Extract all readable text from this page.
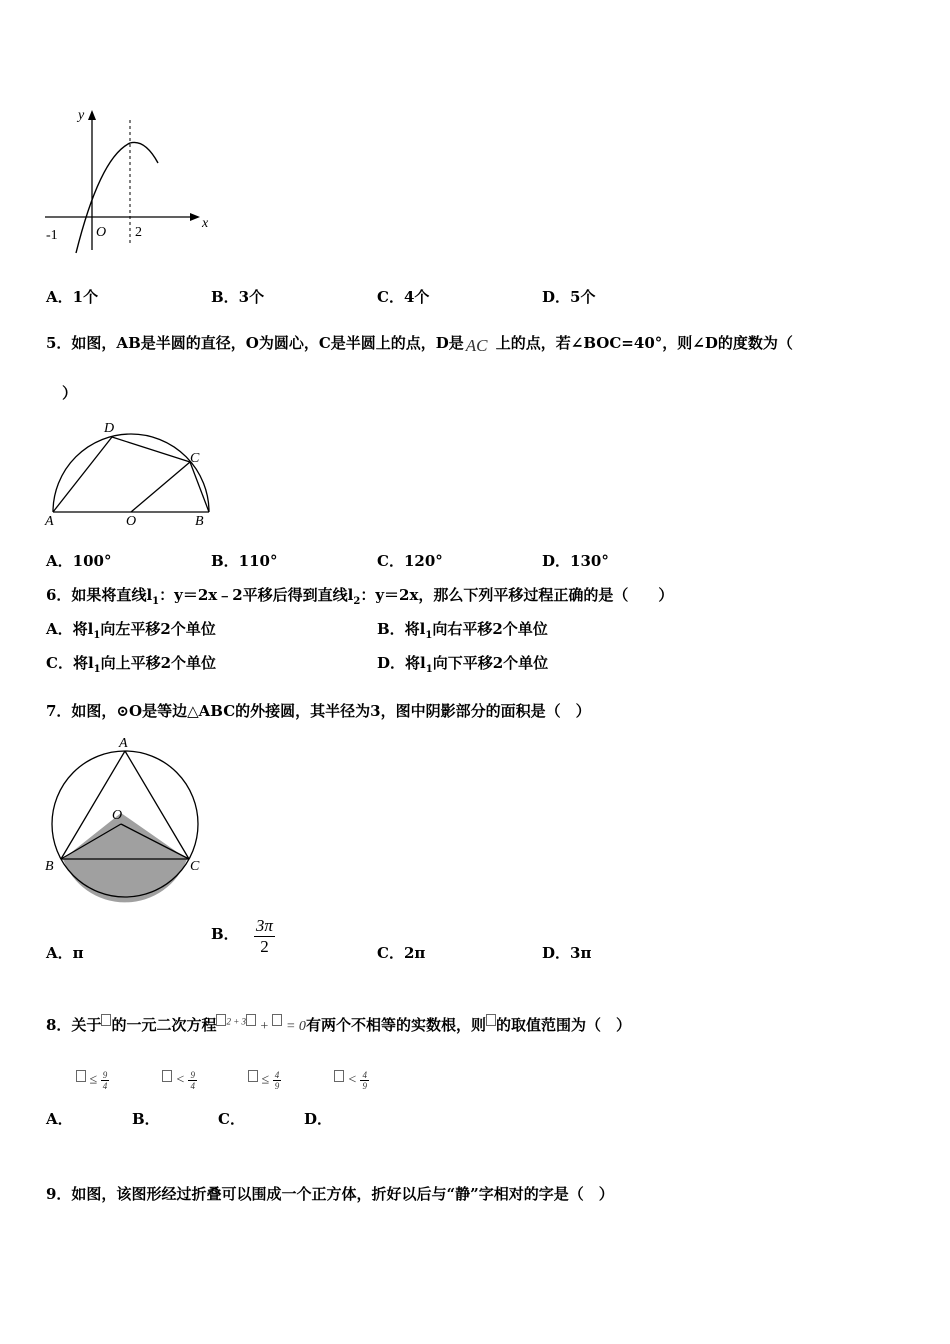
y
x
O
-1	2
A．1个	B．3个	C．4个	D．5个
5．如图，AB是半圆的直径，O为圆心，C是半圆上的点，D是 AC 上的点，若∠BOC=40°，则∠D的度数为（
）
D
C
A	O	B
A．100°	B．110°	C．120°	D．130°
6．如果将直线$l_1$：y＝2x﹣2平移后得到直线$l_2$：y＝2x，那么下列平移过程正确的是（　　）
A．将$l_1$向左平移2个单位	B．将$l_1$向右平移2个单位
C．将$l_1$向上平移2个单位	D．将$l_1$向下平移2个单位
7．如图，⊙O是等边△ABC的外接圆，其半径为3，图中阴影部分的面积是（　）
A
O
B	C
A．π
B． $\frac{3\pi}{2}$	C．2π	D．3π
8．关于 的一元二次方程 $^{2 + 3}$ + = 0有两个不相等的实数根，则 的取值范围为（　）
≤ $\frac{9}{4}$	< $\frac{9}{4}$	≤ $\frac{4}{9}$	< $\frac{4}{9}$
A．	B．	C．	D．
9．如图，该图形经过折叠可以围成一个正方体，折好以后与“静”字相对的字是（　）
